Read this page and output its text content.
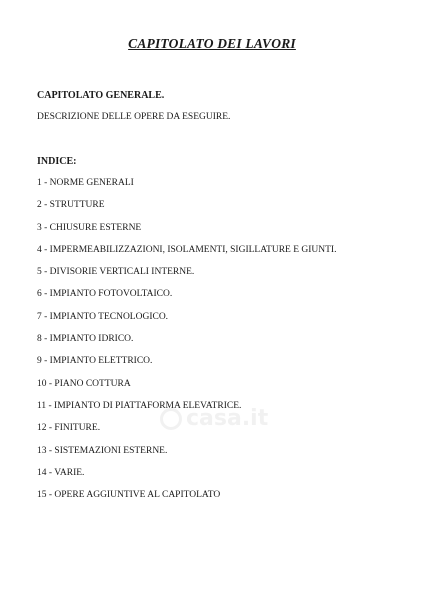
CAPITOLATO DEI LAVORI
CAPITOLATO GENERALE.
DESCRIZIONE DELLE OPERE DA ESEGUIRE.
INDICE:
1 - NORME GENERALI
2 - STRUTTURE
3 - CHIUSURE ESTERNE
4 - IMPERMEABILIZZAZIONI, ISOLAMENTI, SIGILLATURE E GIUNTI.
5 - DIVISORIE VERTICALI INTERNE.
6 - IMPIANTO FOTOVOLTAICO.
7 - IMPIANTO TECNOLOGICO.
8 - IMPIANTO IDRICO.
9 - IMPIANTO ELETTRICO.
10 - PIANO COTTURA
11 - IMPIANTO DI PIATTAFORMA ELEVATRICE.
12 - FINITURE.
13 - SISTEMAZIONI ESTERNE.
14 - VARIE.
15 - OPERE AGGIUNTIVE AL CAPITOLATO
casa.it
